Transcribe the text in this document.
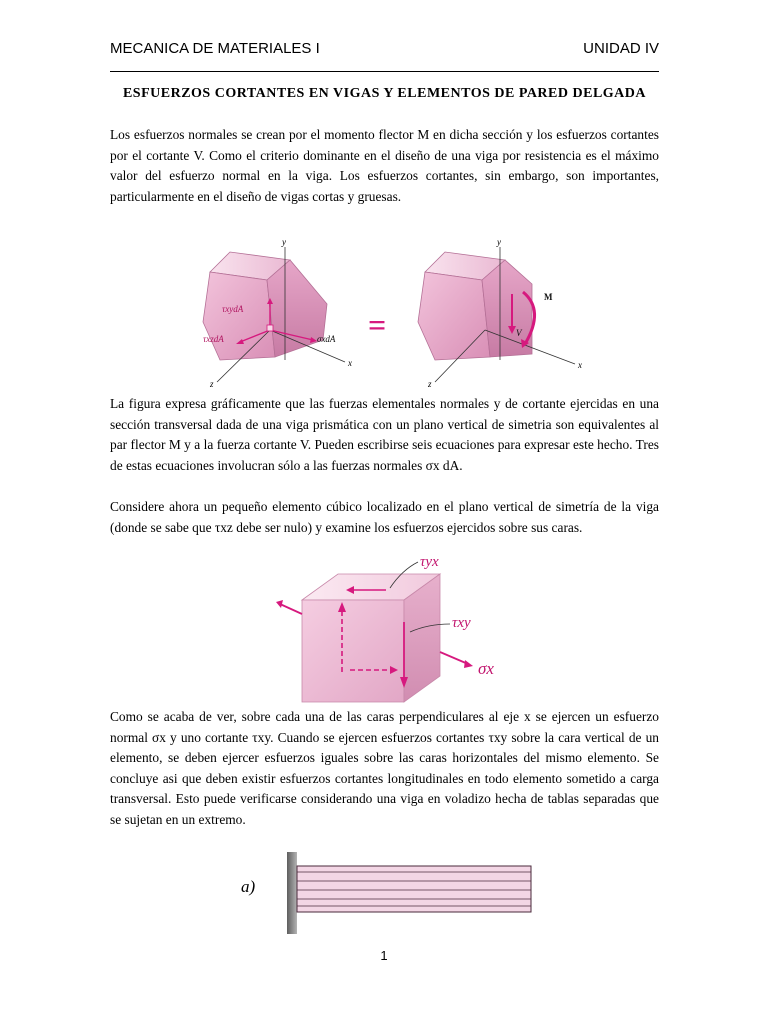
MECANICA DE MATERIALES I	UNIDAD IV
ESFUERZOS CORTANTES EN VIGAS Y ELEMENTOS DE PARED DELGADA

Los esfuerzos normales se crean por el momento flector M en dicha sección y los esfuerzos cortantes por el cortante V. Como el criterio dominante en el diseño de una viga por resistencia es el máximo valor del esfuerzo normal en la viga. Los esfuerzos cortantes, sin embargo, son importantes, particularmente en el diseño de vigas cortas y gruesas.

y
x
z
τxydA
τxzdA	σxdA =
y
x
z
V
M

La figura expresa gráficamente que las fuerzas elementales normales y de cortante ejercidas en una sección transversal dada de una viga prismática con un plano vertical de simetria son equivalentes al par flector M y a la fuerza cortante V. Pueden escribirse seis ecuaciones para expresar este hecho. Tres de estas ecuaciones involucran sólo a las fuerzas normales σx dA.

Considere ahora un pequeño elemento cúbico localizado en el plano vertical de simetría de la viga (donde se sabe que τxz debe ser nulo) y examine los esfuerzos ejercidos sobre sus caras.

τyx
τxy
σx

Como se acaba de ver, sobre cada una de las caras perpendiculares al eje x se ejercen un esfuerzo normal σx y uno cortante τxy. Cuando se ejercen esfuerzos cortantes τxy sobre la cara vertical de un elemento, se deben ejercer esfuerzos iguales sobre las caras horizontales del mismo elemento. Se concluye asi que deben existir esfuerzos cortantes longitudinales en todo elemento sometido a carga transversal. Esto puede verificarse considerando una viga en voladizo hecha de tablas separadas que se sujetan en un extremo.

a)
1
